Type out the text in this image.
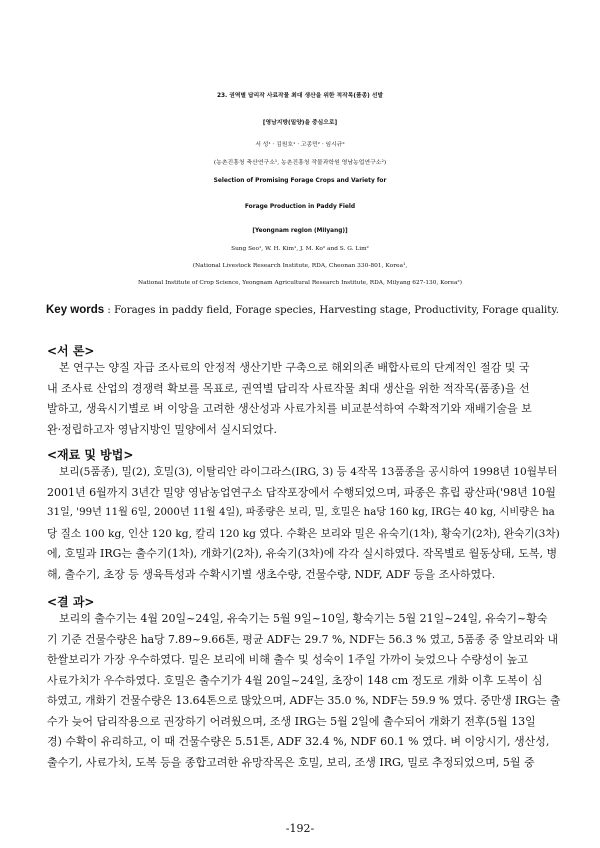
23. 권역별 답리작 사료작물 최대 생산을 위한 적작목(품종) 선발
[영남지방(밀양)을 중심으로]
서 성¹ · 김원호¹ · 고종민² · 임시규²
(농촌진흥청 축산연구소¹, 농촌진흥청 작물과학원 영남농업연구소²)
Selection of Promising Forage Crops and Variety for
Forage Production in Paddy Field
[Yeongnam region (Milyang)]
Sung Seo¹, W. H. Kim¹, J. M. Ko² and S. G. Lim²
(National Livestock Research Institute, RDA, Cheonan 330-801, Korea¹,
National Institute of Crop Science, Yeongnam Agricultural Research Institute, RDA, Milyang 627-130, Korea²)
Key words : Forages in paddy field, Forage species, Harvesting stage, Productivity, Forage quality.
<서 론>
본 연구는 양질 자급 조사료의 안정적 생산기반 구축으로 해외의존 배합사료의 단계적인 절감 및 국
내 조사료 산업의 경쟁력 확보를 목표로, 권역별 답리작 사료작물 최대 생산을 위한 적작목(품종)을 선
발하고, 생육시기별로 벼 이앙을 고려한 생산성과 사료가치를 비교분석하여 수확적기와 재배기술을 보
완·정립하고자 영남지방인 밀양에서 실시되었다.
<재료 및 방법>
보리(5품종), 밀(2), 호밀(3), 이탈리안 라이그라스(IRG, 3) 등 4작목 13품종을 공시하여 1998년 10월부터
2001년 6월까지 3년간 밀양 영남농업연구소 답작포장에서 수행되었으며, 파종은 휴립 광산파('98년 10월
31일, '99년 11월 6일, 2000년 11월 4일), 파종량은 보리, 밀, 호밀은 ha당 160 kg, IRG는 40 kg, 시비량은 ha
당 질소 100 kg, 인산 120 kg, 칼리 120 kg 였다. 수확은 보리와 밀은 유숙기(1차), 황숙기(2차), 완숙기(3차)
에, 호밀과 IRG는 출수기(1차), 개화기(2차), 유숙기(3차)에 각각 실시하였다. 작목별로 월동상태, 도복, 병
해, 출수기, 초장 등 생육특성과 수확시기별 생초수량, 건물수량, NDF, ADF 등을 조사하였다.
<결 과>
보리의 출수기는 4월 20일~24일, 유숙기는 5월 9일~10일, 황숙기는 5월 21일~24일, 유숙기~황숙
기 기준 건물수량은 ha당 7.89~9.66톤, 평균 ADF는 29.7 %, NDF는 56.3 % 였고, 5품종 중 알보리와 내
한쌀보리가 가장 우수하였다. 밀은 보리에 비해 출수 및 성숙이 1주일 가까이 늦었으나 수량성이 높고
사료가치가 우수하였다. 호밀은 출수기가 4월 20일~24일, 초장이 148 cm 정도로 개화 이후 도복이 심
하였고, 개화기 건물수량은 13.64톤으로 많았으며, ADF는 35.0 %, NDF는 59.9 % 였다. 중만생 IRG는 출
수가 늦어 답리작용으로 권장하기 어려웠으며, 조생 IRG는 5월 2일에 출수되어 개화기 전후(5월 13일
경) 수확이 유리하고, 이 때 건물수량은 5.51톤, ADF 32.4 %, NDF 60.1 % 였다. 벼 이앙시기, 생산성,
출수기, 사료가치, 도복 등을 종합고려한 유망작목은 호밀, 보리, 조생 IRG, 밀로 추정되었으며, 5월 중
-192-
